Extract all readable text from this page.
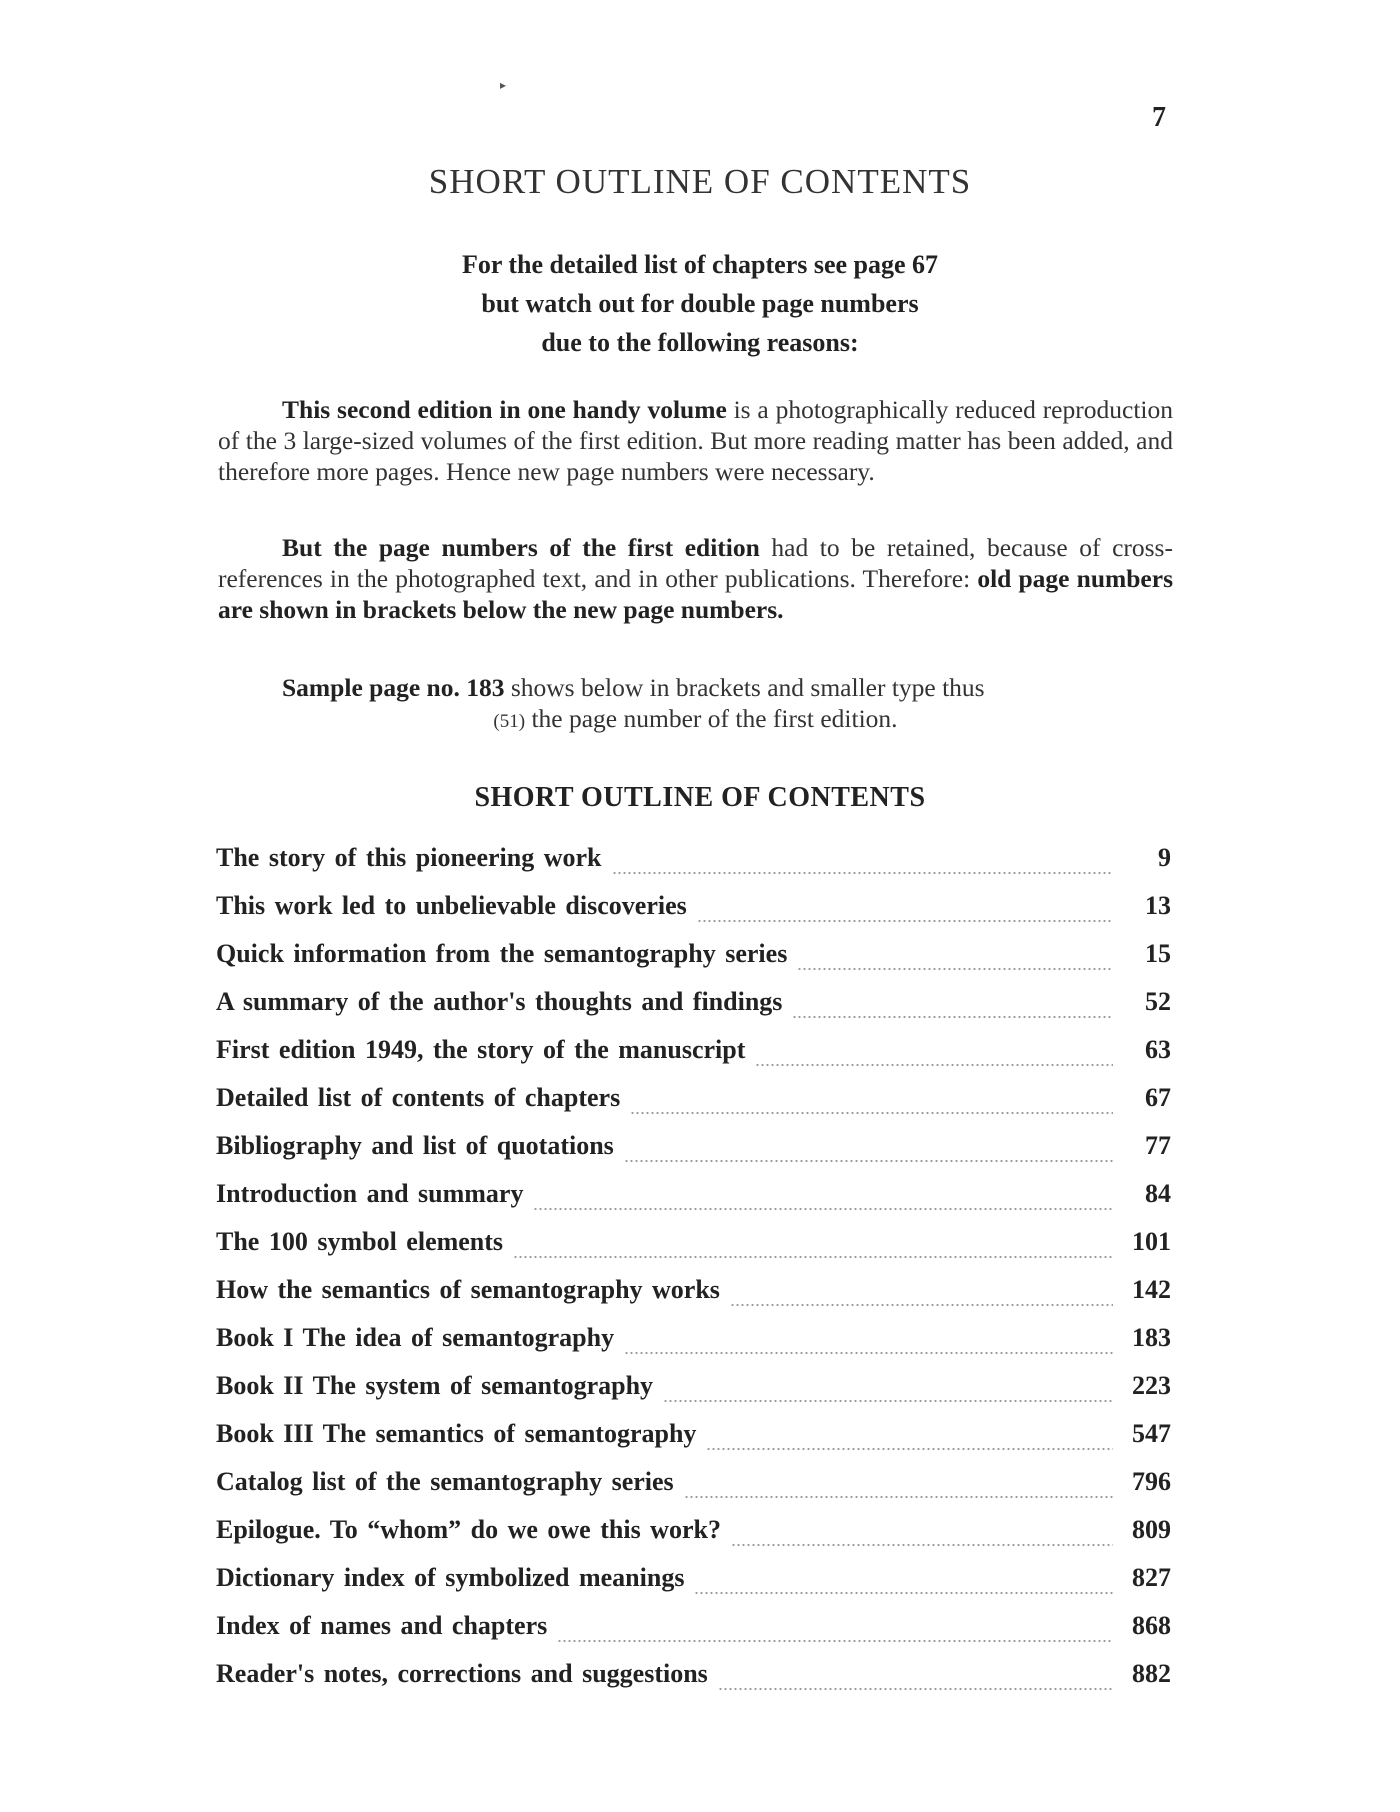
▸
7
SHORT OUTLINE OF CONTENTS
For the detailed list of chapters see page 67
but watch out for double page numbers
due to the following reasons:

This second edition in one handy volume is a photographically reduced reproduction of the 3 large-sized volumes of the first edition. But more reading matter has been added, and therefore more pages. Hence new page numbers were necessary.

But the page numbers of the first edition had to be retained, because of cross-references in the photographed text, and in other publications. Therefore: old page numbers are shown in brackets below the new page numbers.

Sample page no. 183 shows below in brackets and smaller type thus
(51) the page number of the first edition.

SHORT OUTLINE OF CONTENTS
The story of this pioneering work	9
This work led to unbelievable discoveries	13
Quick information from the semantography series	15
A summary of the author's thoughts and findings	52
First edition 1949, the story of the manuscript	63
Detailed list of contents of chapters	67
Bibliography and list of quotations	77
Introduction and summary	84
The 100 symbol elements	101
How the semantics of semantography works	142
Book I The idea of semantography	183
Book II The system of semantography	223
Book III The semantics of semantography	547
Catalog list of the semantography series	796
Epilogue. To “whom” do we owe this work?	809
Dictionary index of symbolized meanings	827
Index of names and chapters	868
Reader's notes, corrections and suggestions	882
